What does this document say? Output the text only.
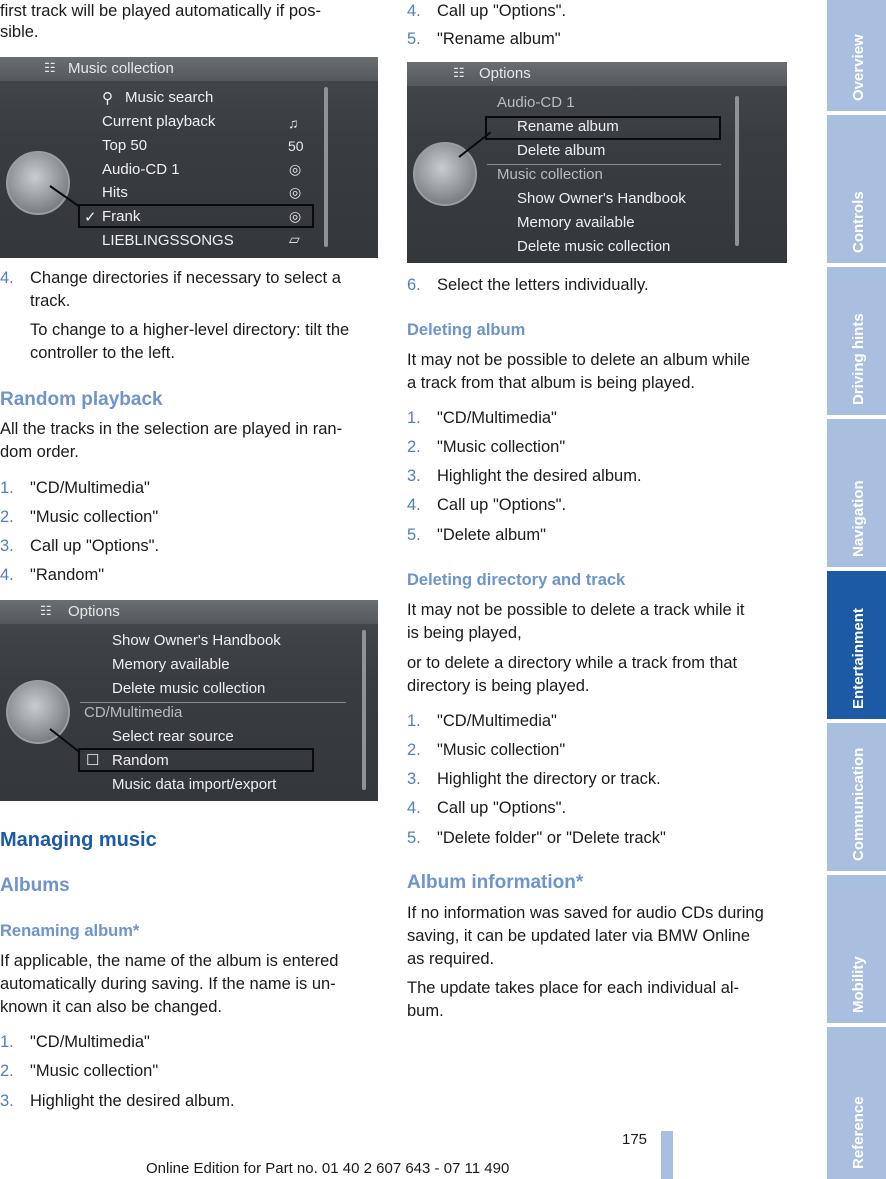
first track will be played automatically if pos-

sible.

☷ Music collection
⚲ Music search
Current playback
Top 50
Audio-CD 1
Hits
✓ Frank
LIEBLINGSSONGS
♫
50
◎
◎
◎
▱
4. Change directories if necessary to select a
track.

To change to a higher-level directory: tilt the

controller to the left.

Random playback

All the tracks in the selection are played in ran-

dom order.

1. "CD/Multimedia"
2. "Music collection"
3. Call up "Options".
4. "Random"
☷ Options
Show Owner's Handbook
Memory available
Delete music collection
CD/Multimedia
Select rear source
☐ Random
Music data import/export
Managing music
Albums
Renaming album*

If applicable, the name of the album is entered

automatically during saving. If the name is un-

known it can also be changed.

1. "CD/Multimedia"
2. "Music collection"
3. Highlight the desired album.
4. Call up "Options".
5. "Rename album"
☷ Options
Audio-CD 1
Rename album
Delete album
Music collection
Show Owner's Handbook
Memory available
Delete music collection
6. Select the letters individually.
Deleting album

It may not be possible to delete an album while

a track from that album is being played.

1. "CD/Multimedia"
2. "Music collection"
3. Highlight the desired album.
4. Call up "Options".
5. "Delete album"
Deleting directory and track

It may not be possible to delete a track while it

is being played,

or to delete a directory while a track from that

directory is being played.

1. "CD/Multimedia"
2. "Music collection"
3. Highlight the directory or track.
4. Call up "Options".
5. "Delete folder" or "Delete track"
Album information*

If no information was saved for audio CDs during

saving, it can be updated later via BMW Online

as required.

The update takes place for each individual al-

bum.

Overview
Controls
Driving hints
Navigation
Entertainment
Communication
Mobility
Reference
175
Online Edition for Part no. 01 40 2 607 643 - 07 11 490
